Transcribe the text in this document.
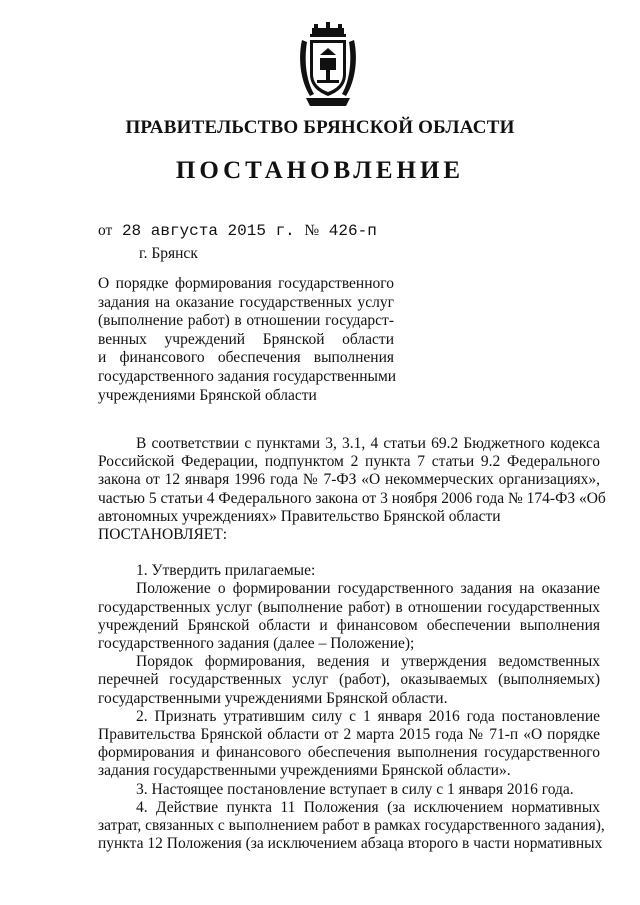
ПРАВИТЕЛЬСТВО БРЯНСКОЙ ОБЛАСТИ
ПОСТАНОВЛЕНИЕ
от 28 августа 2015 г. № 426-п
г. Брянск
О порядке формирования государственного
задания на оказание государственных услуг
(выполнение работ) в отношении государст-
венных учреждений Брянской области
и финансового обеспечения выполнения
государственного задания государственными
учреждениями Брянской области
В соответствии с пунктами 3, 3.1, 4 статьи 69.2 Бюджетного кодекса
Российской Федерации, подпунктом 2 пункта 7 статьи 9.2 Федерального
закона от 12 января 1996 года № 7-ФЗ «О некоммерческих организациях»,
частью 5 статьи 4 Федерального закона от 3 ноября 2006 года № 174-ФЗ «Об
автономных учреждениях» Правительство Брянской области
ПОСТАНОВЛЯЕТ:
1. Утвердить прилагаемые:
Положение о формировании государственного задания на оказание
государственных услуг (выполнение работ) в отношении государственных
учреждений Брянской области и финансовом обеспечении выполнения
государственного задания (далее – Положение);
Порядок формирования, ведения и утверждения ведомственных
перечней государственных услуг (работ), оказываемых (выполняемых)
государственными учреждениями Брянской области.
2. Признать утратившим силу с 1 января 2016 года постановление
Правительства Брянской области от 2 марта 2015 года № 71-п «О порядке
формирования и финансового обеспечения выполнения государственного
задания государственными учреждениями Брянской области».
3. Настоящее постановление вступает в силу с 1 января 2016 года.
4. Действие пункта 11 Положения (за исключением нормативных
затрат, связанных с выполнением работ в рамках государственного задания),
пункта 12 Положения (за исключением абзаца второго в части нормативных
